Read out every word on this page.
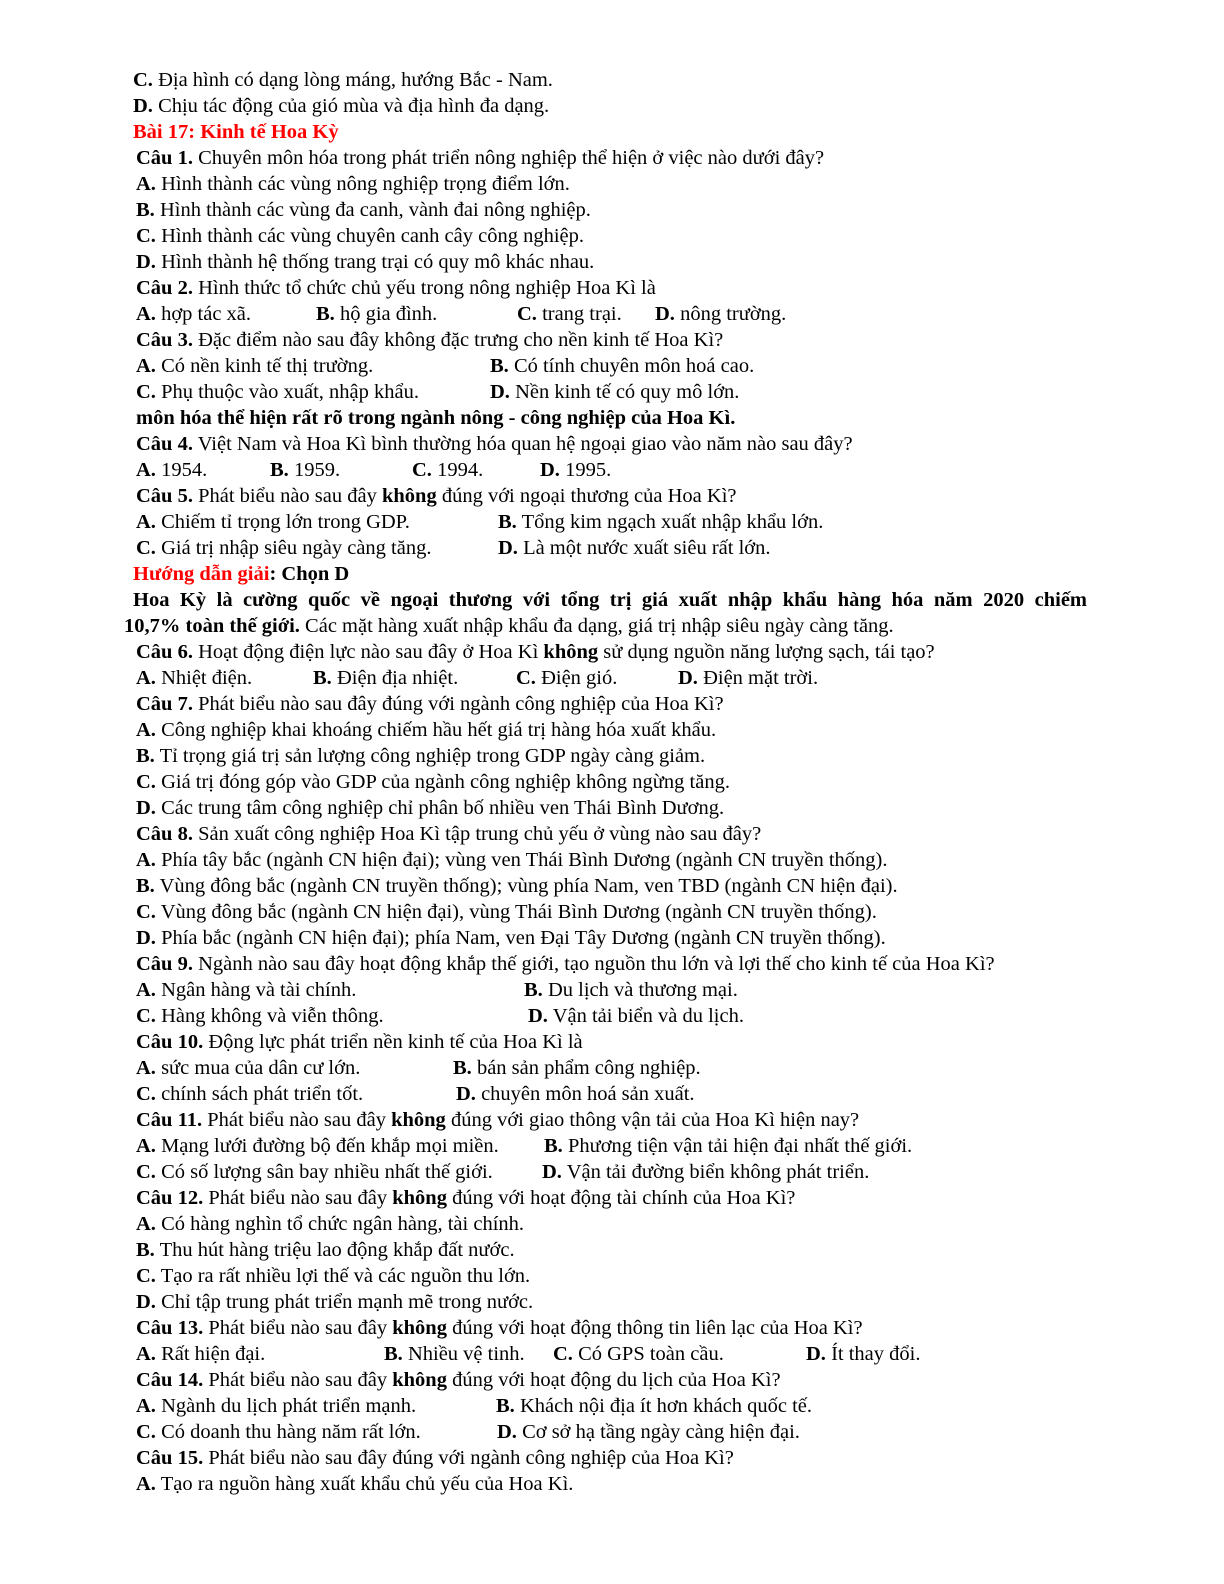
C. Địa hình có dạng lòng máng, hướng Bắc - Nam.
D. Chịu tác động của gió mùa và địa hình đa dạng.
Bài 17: Kinh tế Hoa Kỳ
Câu 1. Chuyên môn hóa trong phát triển nông nghiệp thể hiện ở việc nào dưới đây?
A. Hình thành các vùng nông nghiệp trọng điểm lớn.
B. Hình thành các vùng đa canh, vành đai nông nghiệp.
C. Hình thành các vùng chuyên canh cây công nghiệp.
D. Hình thành hệ thống trang trại có quy mô khác nhau.
Câu 2. Hình thức tổ chức chủ yếu trong nông nghiệp Hoa Kì là
A. hợp tác xã.	B. hộ gia đình.	C. trang trại. D. nông trường.
Câu 3. Đặc điểm nào sau đây không đặc trưng cho nền kinh tế Hoa Kì?
A. Có nền kinh tế thị trường.	B. Có tính chuyên môn hoá cao.
C. Phụ thuộc vào xuất, nhập khẩu.	D. Nền kinh tế có quy mô lớn.
môn hóa thể hiện rất rõ trong ngành nông - công nghiệp của Hoa Kì.
Câu 4. Việt Nam và Hoa Kì bình thường hóa quan hệ ngoại giao vào năm nào sau đây?
A. 1954.	B. 1959.	C. 1994.	D. 1995.
Câu 5. Phát biểu nào sau đây không đúng với ngoại thương của Hoa Kì?
A. Chiếm tỉ trọng lớn trong GDP.	B. Tổng kim ngạch xuất nhập khẩu lớn.
C. Giá trị nhập siêu ngày càng tăng.	D. Là một nước xuất siêu rất lớn.
Hướng dẫn giải: Chọn D
Hoa Kỳ là cường quốc về ngoại thương với tổng trị giá xuất nhập khẩu hàng hóa năm 2020 chiếm
10,7% toàn thế giới. Các mặt hàng xuất nhập khẩu đa dạng, giá trị nhập siêu ngày càng tăng.
Câu 6. Hoạt động điện lực nào sau đây ở Hoa Kì không sử dụng nguồn năng lượng sạch, tái tạo?
A. Nhiệt điện.	B. Điện địa nhiệt.	C. Điện gió.	D. Điện mặt trời.
Câu 7. Phát biểu nào sau đây đúng với ngành công nghiệp của Hoa Kì?
A. Công nghiệp khai khoáng chiếm hầu hết giá trị hàng hóa xuất khẩu.
B. Tỉ trọng giá trị sản lượng công nghiệp trong GDP ngày càng giảm.
C. Giá trị đóng góp vào GDP của ngành công nghiệp không ngừng tăng.
D. Các trung tâm công nghiệp chỉ phân bố nhiều ven Thái Bình Dương.
Câu 8. Sản xuất công nghiệp Hoa Kì tập trung chủ yếu ở vùng nào sau đây?
A. Phía tây bắc (ngành CN hiện đại); vùng ven Thái Bình Dương (ngành CN truyền thống).
B. Vùng đông bắc (ngành CN truyền thống); vùng phía Nam, ven TBD (ngành CN hiện đại).
C. Vùng đông bắc (ngành CN hiện đại), vùng Thái Bình Dương (ngành CN truyền thống).
D. Phía bắc (ngành CN hiện đại); phía Nam, ven Đại Tây Dương (ngành CN truyền thống).
Câu 9. Ngành nào sau đây hoạt động khắp thế giới, tạo nguồn thu lớn và lợi thế cho kinh tế của Hoa Kì?
A. Ngân hàng và tài chính.	B. Du lịch và thương mại.
C. Hàng không và viễn thông.	D. Vận tải biển và du lịch.
Câu 10. Động lực phát triển nền kinh tế của Hoa Kì là
A. sức mua của dân cư lớn.	B. bán sản phẩm công nghiệp.
C. chính sách phát triển tốt.	D. chuyên môn hoá sản xuất.
Câu 11. Phát biểu nào sau đây không đúng với giao thông vận tải của Hoa Kì hiện nay?
A. Mạng lưới đường bộ đến khắp mọi miền. B. Phương tiện vận tải hiện đại nhất thế giới.
C. Có số lượng sân bay nhiều nhất thế giới. D. Vận tải đường biển không phát triển.
Câu 12. Phát biểu nào sau đây không đúng với hoạt động tài chính của Hoa Kì?
A. Có hàng nghìn tổ chức ngân hàng, tài chính.
B. Thu hút hàng triệu lao động khắp đất nước.
C. Tạo ra rất nhiều lợi thế và các nguồn thu lớn.
D. Chỉ tập trung phát triển mạnh mẽ trong nước.
Câu 13. Phát biểu nào sau đây không đúng với hoạt động thông tin liên lạc của Hoa Kì?
A. Rất hiện đại.	B. Nhiều vệ tinh. C. Có GPS toàn cầu.	D. Ít thay đổi.
Câu 14. Phát biểu nào sau đây không đúng với hoạt động du lịch của Hoa Kì?
A. Ngành du lịch phát triển mạnh.	B. Khách nội địa ít hơn khách quốc tế.
C. Có doanh thu hàng năm rất lớn.	D. Cơ sở hạ tầng ngày càng hiện đại.
Câu 15. Phát biểu nào sau đây đúng với ngành công nghiệp của Hoa Kì?
A. Tạo ra nguồn hàng xuất khẩu chủ yếu của Hoa Kì.
